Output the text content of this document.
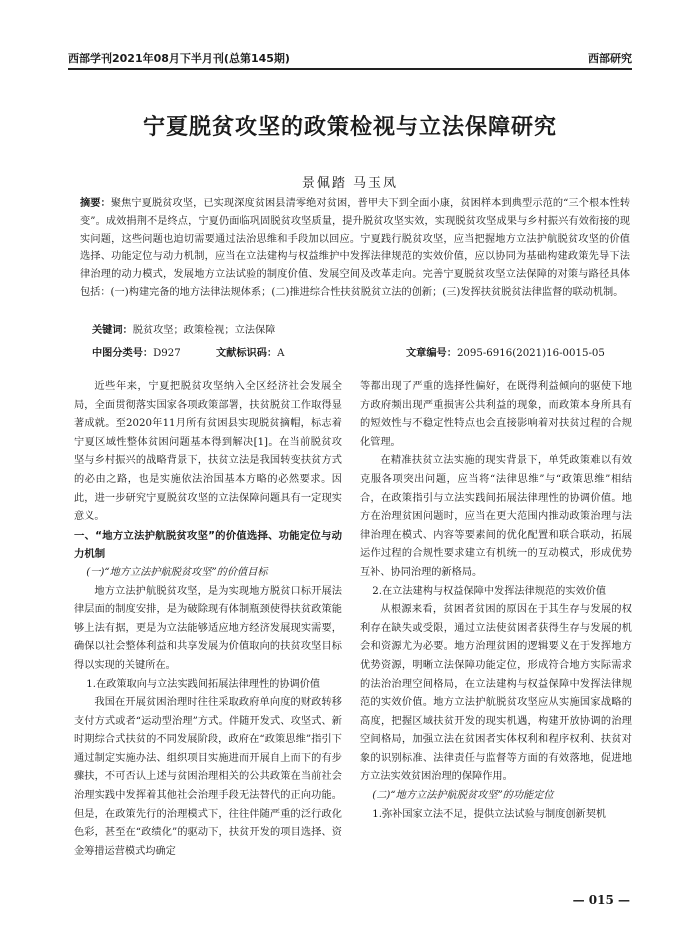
西部学刊2021年08月下半月刊(总第145期)	西部研究
宁夏脱贫攻坚的政策检视与立法保障研究
景佩踏 马玉凤
摘要：聚焦宁夏脱贫攻坚，已实现深度贫困县清零绝对贫困，普甲夫下到全面小康，贫困样本到典型示范的“三个根本性转变”。成效捐荆不是终点，宁夏仍面临巩固脱贫攻坚质量，提升脱贫攻坚实效，实现脱贫攻坚成果与乡村振兴有效衔接的现实问题，这些问题也迫切需要通过法治思维和手段加以回应。宁夏践行脱贫攻坚，应当把握地方立法护航脱贫攻坚的价值选择、功能定位与动力机制，应当在立法建构与权益维护中发挥法律规范的实效价值，应以协同为基础构建政策先导下法律治理的动力模式，发展地方立法试验的制度价值、发展空间及改革走向。完善宁夏脱贫攻坚立法保障的对策与路径具体包括：(一)构建完备的地方法律法规体系；(二)推进综合性扶贫脱贫立法的创新；(三)发挥扶贫脱贫法律监督的联动机制。
关键词：脱贫攻坚；政策检视；立法保障
中图分类号：D927	文献标识码：A	文章编号：2095-6916(2021)16-0015-05

近些年来，宁夏把脱贫攻坚纳入全区经济社会发展全局，全面贯彻落实国家各项政策部署，扶贫脱贫工作取得显著成就。至2020年11月所有贫困县实现脱贫摘帽，标志着宁夏区域性整体贫困问题基本得到解决[1]。在当前脱贫攻坚与乡村振兴的战略背景下，扶贫立法是我国转变扶贫方式的必由之路，也是实施依法治国基本方略的必然要求。因此，进一步研究宁夏脱贫攻坚的立法保障问题具有一定现实意义。

一、“地方立法护航脱贫攻坚”的价值选择、功能定位与动力机制

(一)“地方立法护航脱贫攻坚”的价值目标

地方立法护航脱贫攻坚，是为实现地方脱贫口标开展法律层面的制度安排，是为破除现有体制瓶颈使得扶贫政策能够上法有据，更是为立法能够适应地方经济发展现实需要，确保以社会整体利益和共享发展为价值取向的扶贫攻坚目标得以实现的关键所在。

1.在政策取向与立法实践间拓展法律理性的协调价值

我国在开展贫困治理时往往采取政府单向度的财政转移支付方式或者“运动型治理”方式。伴随开发式、攻坚式、新时期综合式扶贫的不同发展阶段，政府在“政策思维”指引下通过制定实施办法、组织项目实施进而开展自上而下的有步骤扶，不可否认上述与贫困治理相关的公共政策在当前社会治理实践中发挥着其他社会治理手段无法替代的正向功能。但是，在政策先行的治理模式下，往往伴随严重的泛行政化色彩，甚至在“政绩化”的驱动下，扶贫开发的项目选择、资金筹措运营模式均确定

等都出现了严重的选择性偏好，在既得利益倾向的驱使下地方政府频出现严重损害公共利益的现象，而政策本身所具有的短效性与不稳定性特点也会直接影响着对扶贫过程的合规化管理。

在精准扶贫立法实施的现实背景下，单凭政策难以有效克服各项突出问题，应当将“法律思维”与“政策思维”相结合，在政策指引与立法实践间拓展法律理性的协调价值。地方在治理贫困问题时，应当在更大范围内推动政策治理与法律治理在模式、内容等要素间的优化配置和联合联动，拓展运作过程的合规性要求建立有机统一的互动模式，形成优势互补、协同治理的新格局。

2.在立法建构与权益保障中发挥法律规范的实效价值

从根源来看，贫困者贫困的原因在于其生存与发展的权利存在缺失或受限，通过立法使贫困者获得生存与发展的机会和资源尤为必要。地方治理贫困的逻辑要义在于发挥地方优势资源，明晰立法保障功能定位，形成符合地方实际需求的法治治理空间格局，在立法建构与权益保障中发挥法律规范的实效价值。地方立法护航脱贫攻坚应从实施国家战略的高度，把握区域扶贫开发的现实机遇，构建开放协调的治理空间格局，加强立法在贫困者实体权利和程序权利、扶贫对象的识别标准、法律责任与监督等方面的有效落地，促进地方立法实效贫困治理的保障作用。

(二)“地方立法护航脱贫攻坚”的功能定位

1.弥补国家立法不足，提供立法试验与制度创新契机

— 015 —
